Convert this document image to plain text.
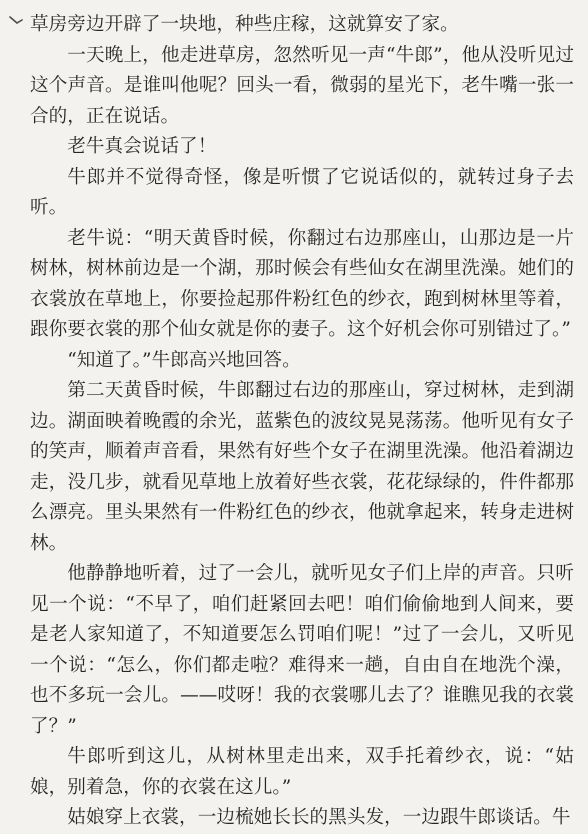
草房旁边开辟了一块地，种些庄稼，这就算安了家。

一天晚上，他走进草房，忽然听见一声“牛郎”，他从没听见过这个声音。是谁叫他呢？回头一看，微弱的星光下，老牛嘴一张一合的，正在说话。

老牛真会说话了！

牛郎并不觉得奇怪，像是听惯了它说话似的，就转过身子去听。

老牛说：“明天黄昏时候，你翻过右边那座山，山那边是一片树林，树林前边是一个湖，那时候会有些仙女在湖里洗澡。她们的衣裳放在草地上，你要捡起那件粉红色的纱衣，跑到树林里等着，跟你要衣裳的那个仙女就是你的妻子。这个好机会你可别错过了。”

“知道了。”牛郎高兴地回答。

第二天黄昏时候，牛郎翻过右边的那座山，穿过树林，走到湖边。湖面映着晚霞的余光，蓝紫色的波纹晃晃荡荡。他听见有女子的笑声，顺着声音看，果然有好些个女子在湖里洗澡。他沿着湖边走，没几步，就看见草地上放着好些衣裳，花花绿绿的，件件都那么漂亮。里头果然有一件粉红色的纱衣，他就拿起来，转身走进树林。

他静静地听着，过了一会儿，就听见女子们上岸的声音。只听见一个说：“不早了，咱们赶紧回去吧！咱们偷偷地到人间来，要是老人家知道了，不知道要怎么罚咱们呢！”过了一会儿，又听见一个说：“怎么，你们都走啦？难得来一趟，自由自在地洗个澡，也不多玩一会儿。——哎呀！我的衣裳哪儿去了？谁瞧见我的衣裳了？”

牛郎听到这儿，从树林里走出来，双手托着纱衣，说：“姑娘，别着急，你的衣裳在这儿。”

姑娘穿上衣裳，一边梳她长长的黑头发，一边跟牛郎谈话。牛
